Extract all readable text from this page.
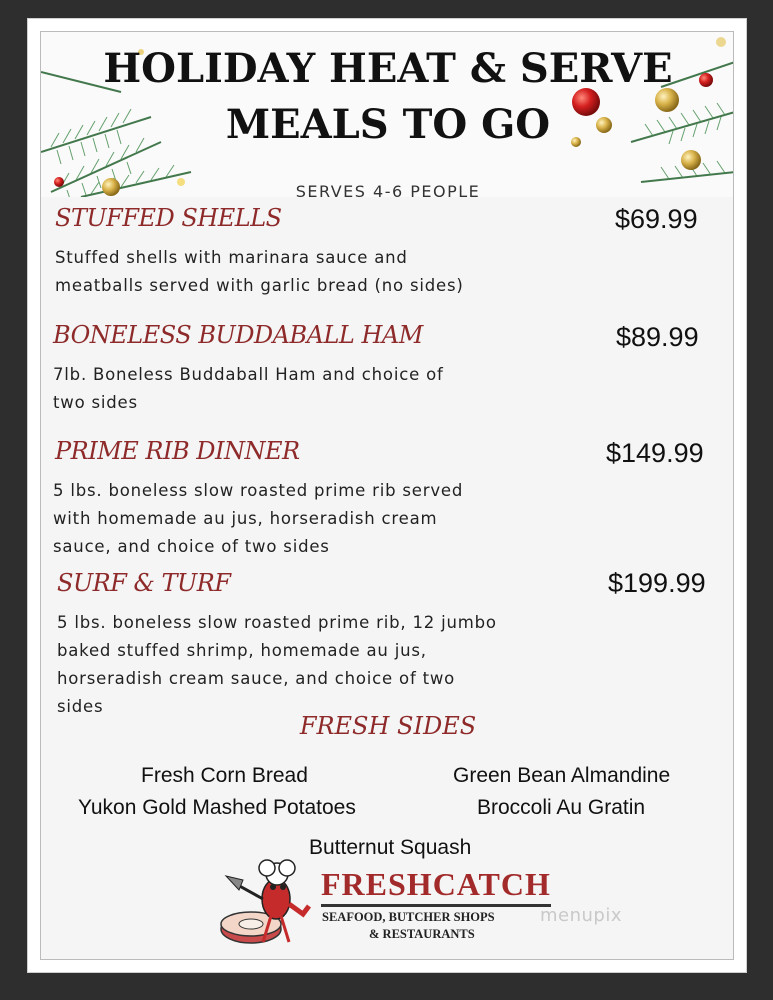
HOLIDAY HEAT & SERVE
MEALS TO GO
SERVES 4-6 PEOPLE
STUFFED SHELLS	$69.99
Stuffed shells with marinara sauce and
meatballs served with garlic bread (no sides)
BONELESS BUDDABALL HAM	$89.99
7lb. Boneless Buddaball Ham and choice of
two sides
PRIME RIB DINNER	$149.99
5 lbs. boneless slow roasted prime rib served
with homemade au jus, horseradish cream
sauce, and choice of two sides
SURF & TURF	$199.99
5 lbs. boneless slow roasted prime rib, 12 jumbo
baked stuffed shrimp, homemade au jus,
horseradish cream sauce, and choice of two
sides
FRESH SIDES
Fresh Corn Bread	Green Bean Almandine
Yukon Gold Mashed Potatoes	Broccoli Au Gratin
Butternut Squash
FRESHCATCH
SEAFOOD, BUTCHER SHOPS
& RESTAURANTS
menupix
